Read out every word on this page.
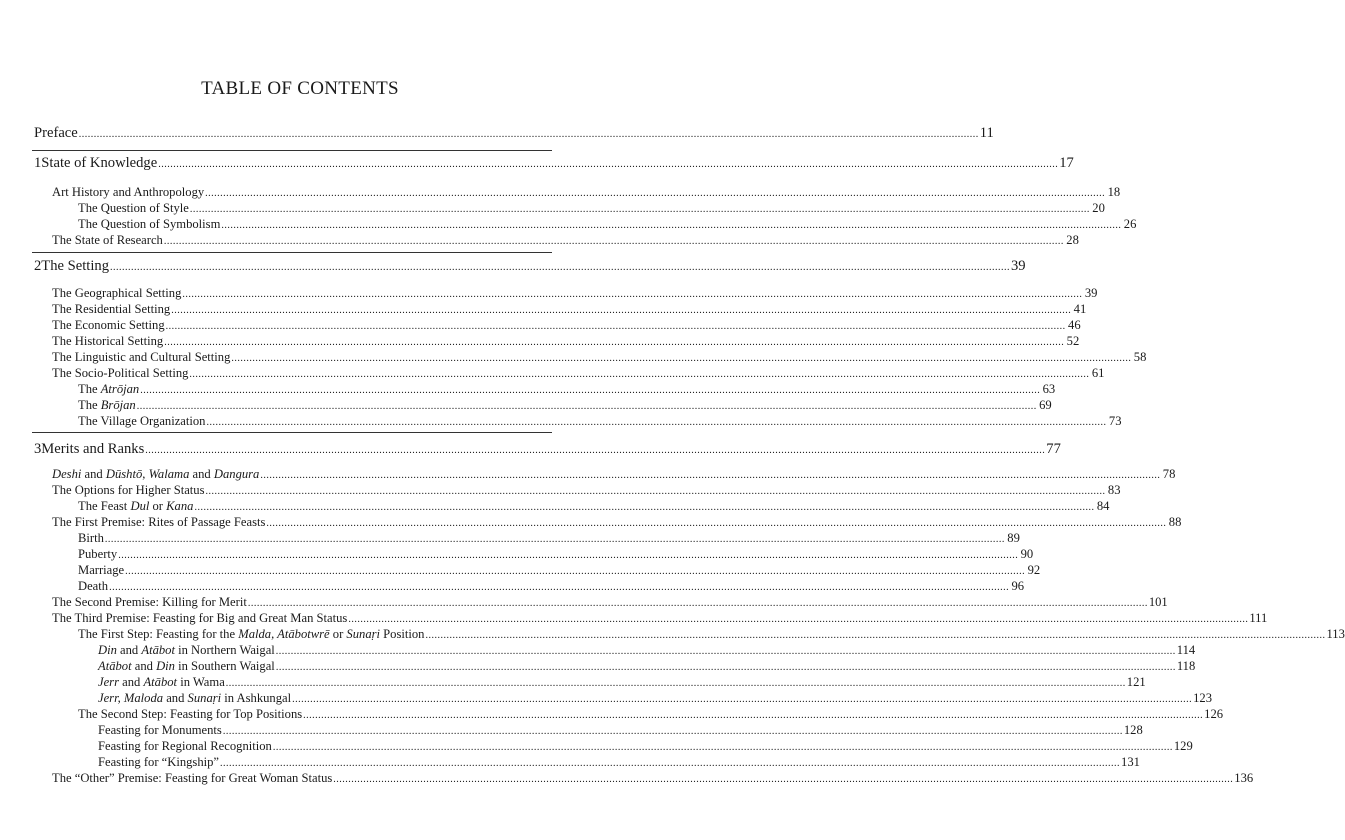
TABLE OF CONTENTS
Preface ............................................................................................................................................................................................................................................................................................................ 11
1 State of Knowledge ............................................................................................................................................................................................................................................................................................................ 17
Art History and Anthropology ............................................................................................................................................................................................................................................................................................................ 18
The Question of Style ............................................................................................................................................................................................................................................................................................................ 20
The Question of Symbolism ............................................................................................................................................................................................................................................................................................................ 26
The State of Research ............................................................................................................................................................................................................................................................................................................ 28
2 The Setting ............................................................................................................................................................................................................................................................................................................ 39
The Geographical Setting ............................................................................................................................................................................................................................................................................................................ 39
The Residential Setting ............................................................................................................................................................................................................................................................................................................ 41
The Economic Setting ............................................................................................................................................................................................................................................................................................................ 46
The Historical Setting ............................................................................................................................................................................................................................................................................................................ 52
The Linguistic and Cultural Setting ............................................................................................................................................................................................................................................................................................................ 58
The Socio-Political Setting ............................................................................................................................................................................................................................................................................................................ 61
The Atrōjan ............................................................................................................................................................................................................................................................................................................ 63
The Brōjan ............................................................................................................................................................................................................................................................................................................ 69
The Village Organization ............................................................................................................................................................................................................................................................................................................ 73
3 Merits and Ranks ............................................................................................................................................................................................................................................................................................................ 77
Deshi and Dūshtō, Walama and Dangura ............................................................................................................................................................................................................................................................................................................ 78
The Options for Higher Status ............................................................................................................................................................................................................................................................................................................ 83
The Feast Dul or Kana ............................................................................................................................................................................................................................................................................................................ 84
The First Premise: Rites of Passage Feasts ............................................................................................................................................................................................................................................................................................................ 88
Birth ............................................................................................................................................................................................................................................................................................................ 89
Puberty ............................................................................................................................................................................................................................................................................................................ 90
Marriage ............................................................................................................................................................................................................................................................................................................ 92
Death ............................................................................................................................................................................................................................................................................................................ 96
The Second Premise: Killing for Merit ............................................................................................................................................................................................................................................................................................................ 101
The Third Premise: Feasting for Big and Great Man Status ............................................................................................................................................................................................................................................................................................................ 111
The First Step: Feasting for the Malda, Atābotwrē or Sunaṛi Position ............................................................................................................................................................................................................................................................................................................ 113
Din and Atābot in Northern Waigal ............................................................................................................................................................................................................................................................................................................ 114
Atābot and Din in Southern Waigal ............................................................................................................................................................................................................................................................................................................ 118
Jerr and Atābot in Wama ............................................................................................................................................................................................................................................................................................................ 121
Jerr, Maloda and Sunaṛi in Ashkungal ............................................................................................................................................................................................................................................................................................................ 123
The Second Step: Feasting for Top Positions ............................................................................................................................................................................................................................................................................................................ 126
Feasting for Monuments ............................................................................................................................................................................................................................................................................................................ 128
Feasting for Regional Recognition ............................................................................................................................................................................................................................................................................................................ 129
Feasting for “Kingship” ............................................................................................................................................................................................................................................................................................................ 131
The “Other” Premise: Feasting for Great Woman Status ............................................................................................................................................................................................................................................................................................................ 136
